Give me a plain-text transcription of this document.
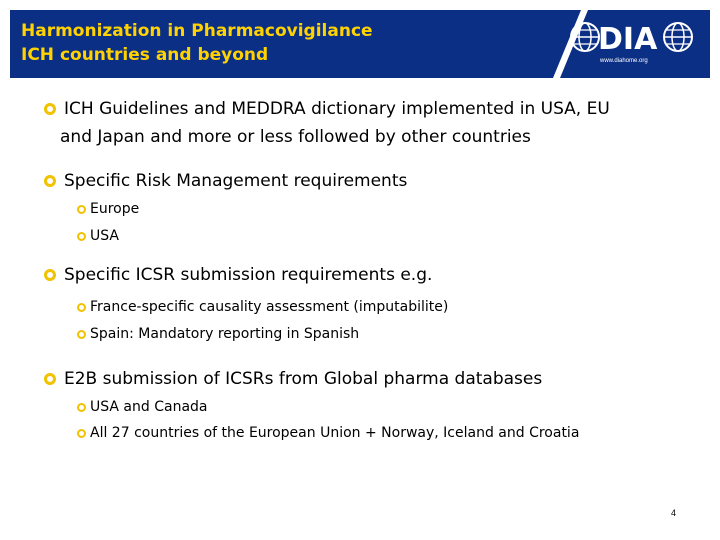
Harmonization in Pharmacovigilance
ICH countries and beyond	DIA
www.diahome.org
ICH Guidelines and MEDDRA dictionary implemented in USA, EU
and Japan and more or less followed by other countries
Specific Risk Management requirements
Europe
USA
Specific ICSR submission requirements e.g.
France-specific causality assessment (imputabilite)
Spain: Mandatory reporting in Spanish
E2B submission of ICSRs from Global pharma databases
USA and Canada
All 27 countries of the European Union + Norway, Iceland and Croatia
4
